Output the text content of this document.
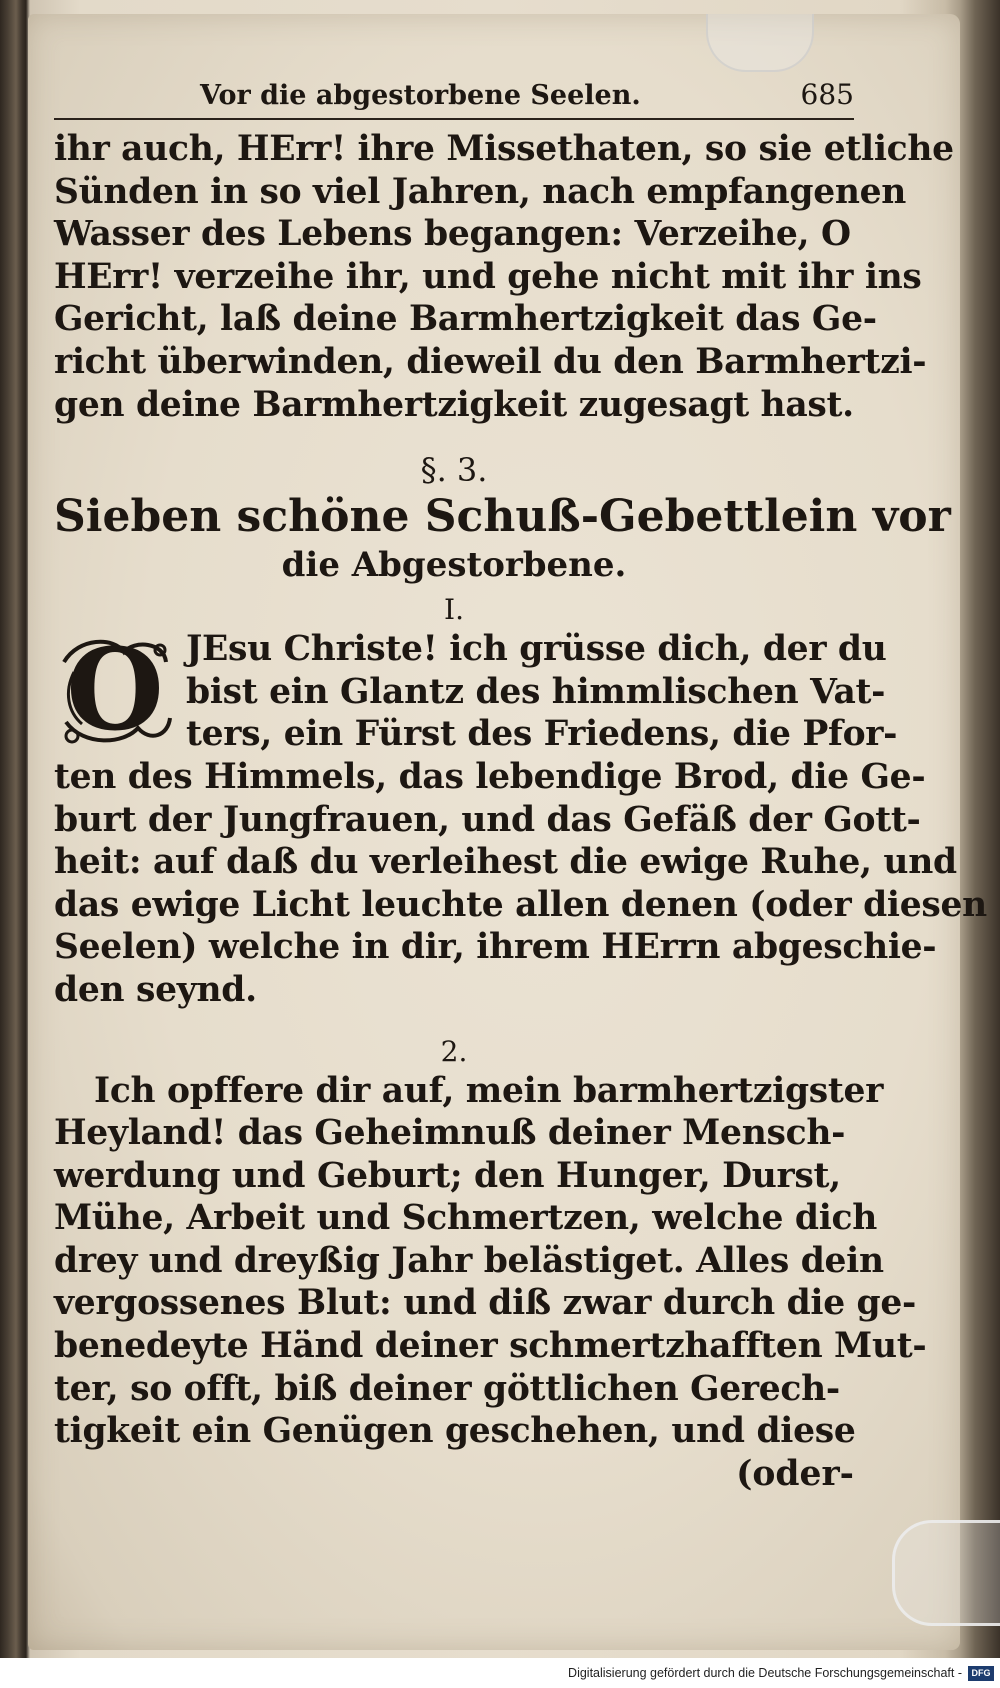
Vor die abgestorbene Seelen.	685
ihr auch, HErr! ihre Missethaten, so sie etliche
Sünden in so viel Jahren, nach empfangenen
Wasser des Lebens begangen: Verzeihe, O
HErr! verzeihe ihr, und gehe nicht mit ihr ins
Gericht, laß deine Barmhertzigkeit das Ge-
richt überwinden, dieweil du den Barmhertzi-
gen deine Barmhertzigkeit zugesagt hast.
§. 3.
Sieben schöne Schuß-Gebettlein vor
die Abgestorbene.
I.
O JEsu Christe! ich grüsse dich, der du
bist ein Glantz des himmlischen Vat-
ters, ein Fürst des Friedens, die Pfor-
ten des Himmels, das lebendige Brod, die Ge-
burt der Jungfrauen, und das Gefäß der Gott-
heit: auf daß du verleihest die ewige Ruhe, und
das ewige Licht leuchte allen denen (oder diesen
Seelen) welche in dir, ihrem HErrn abgeschie-
den seynd.
2.
Ich opffere dir auf, mein barmhertzigster
Heyland! das Geheimnuß deiner Mensch-
werdung und Geburt; den Hunger, Durst,
Mühe, Arbeit und Schmertzen, welche dich
drey und dreyßig Jahr belästiget. Alles dein
vergossenes Blut: und diß zwar durch die ge-
benedeyte Händ deiner schmertzhafften Mut-
ter, so offt, biß deiner göttlichen Gerech-
tigkeit ein Genügen geschehen, und diese
(oder-
Digitalisierung gefördert durch die Deutsche Forschungsgemeinschaft -	DFG
